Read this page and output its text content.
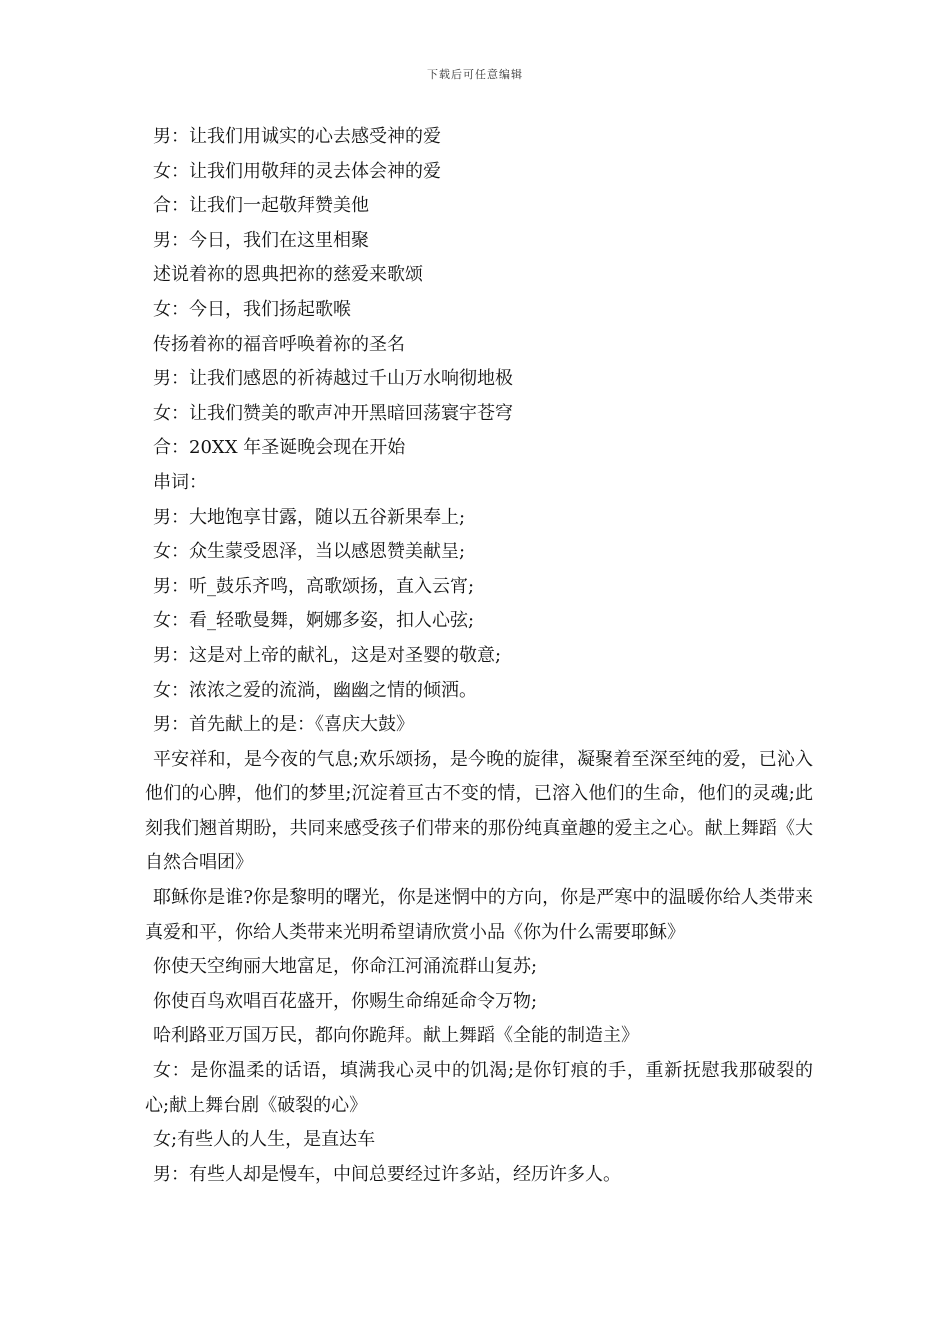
下载后可任意编辑
男：让我们用诚实的心去感受神的爱
女：让我们用敬拜的灵去体会神的爱
合：让我们一起敬拜赞美他
男：今日，我们在这里相聚
述说着祢的恩典把祢的慈爱来歌颂
女：今日，我们扬起歌喉
传扬着祢的福音呼唤着祢的圣名
男：让我们感恩的祈祷越过千山万水响彻地极
女：让我们赞美的歌声冲开黑暗回荡寰宇苍穹
合：20XX 年圣诞晚会现在开始
串词：
男：大地饱享甘露，随以五谷新果奉上;
女：众生蒙受恩泽，当以感恩赞美献呈;
男：听_鼓乐齐鸣，高歌颂扬，直入云宵;
女：看_轻歌曼舞，婀娜多姿，扣人心弦;
男：这是对上帝的献礼，这是对圣婴的敬意;
女：浓浓之爱的流淌，幽幽之情的倾洒。
男：首先献上的是：《喜庆大鼓》
平安祥和，是今夜的气息;欢乐颂扬，是今晚的旋律，凝聚着至深至纯的爱，已沁入他们的心脾，他们的梦里;沉淀着亘古不变的情，已溶入他们的生命，他们的灵魂;此刻我们翘首期盼，共同来感受孩子们带来的那份纯真童趣的爱主之心。献上舞蹈《大自然合唱团》
耶稣你是谁?你是黎明的曙光，你是迷惘中的方向，你是严寒中的温暖你给人类带来真爱和平，你给人类带来光明希望请欣赏小品《你为什么需要耶稣》
你使天空绚丽大地富足，你命江河涌流群山复苏;
你使百鸟欢唱百花盛开，你赐生命绵延命令万物;
哈利路亚万国万民，都向你跪拜。献上舞蹈《全能的制造主》
女：是你温柔的话语，填满我心灵中的饥渴;是你钉痕的手，重新抚慰我那破裂的心;献上舞台剧《破裂的心》
女;有些人的人生，是直达车
男：有些人却是慢车，中间总要经过许多站，经历许多人。
